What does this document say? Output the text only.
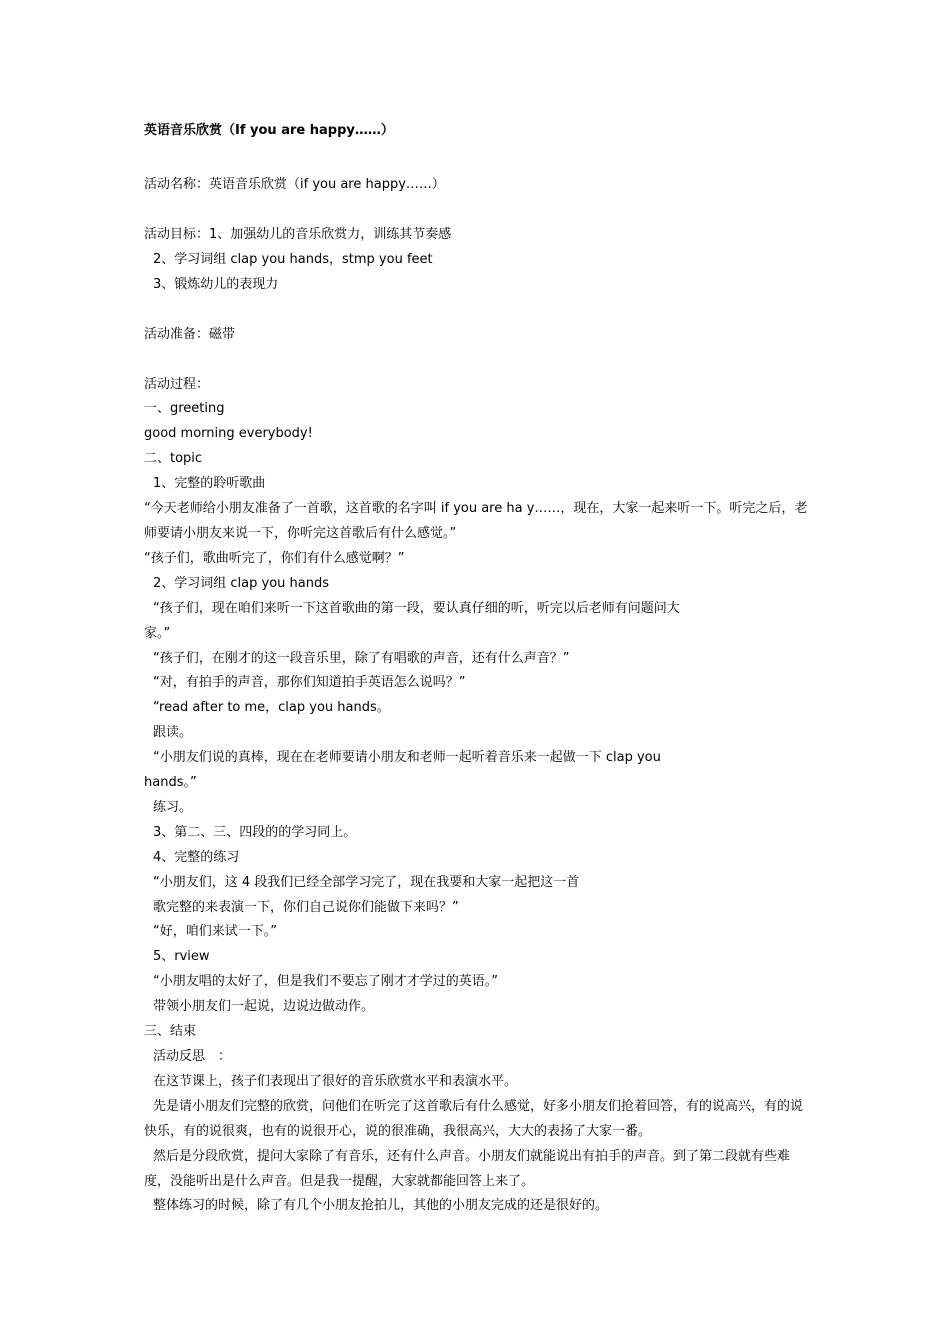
英语音乐欣赏（If you are happy……）

活动名称：英语音乐欣赏（if you are happy……）

活动目标：1、加强幼儿的音乐欣赏力，训练其节奏感

2、学习词组 clap you hands，stmp you feet

3、锻炼幼儿的表现力

活动准备：磁带

活动过程：

一、greeting

good morning everybody!

二、topic

1、完整的聆听歌曲

“今天老师给小朋友准备了一首歌，这首歌的名字叫 if you are ha y……，现在，大家一起来听一下。听完之后，老师要请小朋友来说一下，你听完这首歌后有什么感觉。”

“孩子们，歌曲听完了，你们有什么感觉啊？”

2、学习词组 clap you hands

“孩子们，现在咱们来听一下这首歌曲的第一段，要认真仔细的听，听完以后老师有问题问大

家。”

“孩子们，在刚才的这一段音乐里，除了有唱歌的声音，还有什么声音？”

“对，有拍手的声音，那你们知道拍手英语怎么说吗？”

“read after to me，clap you hands。

跟读。

“小朋友们说的真棒，现在在老师要请小朋友和老师一起听着音乐来一起做一下 clap you

hands。”

练习。

3、第二、三、四段的的学习同上。

4、完整的练习

“小朋友们，这 4 段我们已经全部学习完了，现在我要和大家一起把这一首

歌完整的来表演一下，你们自己说你们能做下来吗？”

“好，咱们来试一下。”

5、rview

“小朋友唱的太好了，但是我们不要忘了刚才才学过的英语。”

带领小朋友们一起说，边说边做动作。

三、结束

活动反思　：

在这节课上，孩子们表现出了很好的音乐欣赏水平和表演水平。

先是请小朋友们完整的欣赏，问他们在听完了这首歌后有什么感觉，好多小朋友们抢着回答，有的说高兴，有的说快乐，有的说很爽，也有的说很开心，说的很准确，我很高兴，大大的表扬了大家一番。

然后是分段欣赏，提问大家除了有音乐，还有什么声音。小朋友们就能说出有拍手的声音。到了第二段就有些难度，没能听出是什么声音。但是我一提醒，大家就都能回答上来了。

整体练习的时候，除了有几个小朋友抢拍儿，其他的小朋友完成的还是很好的。
